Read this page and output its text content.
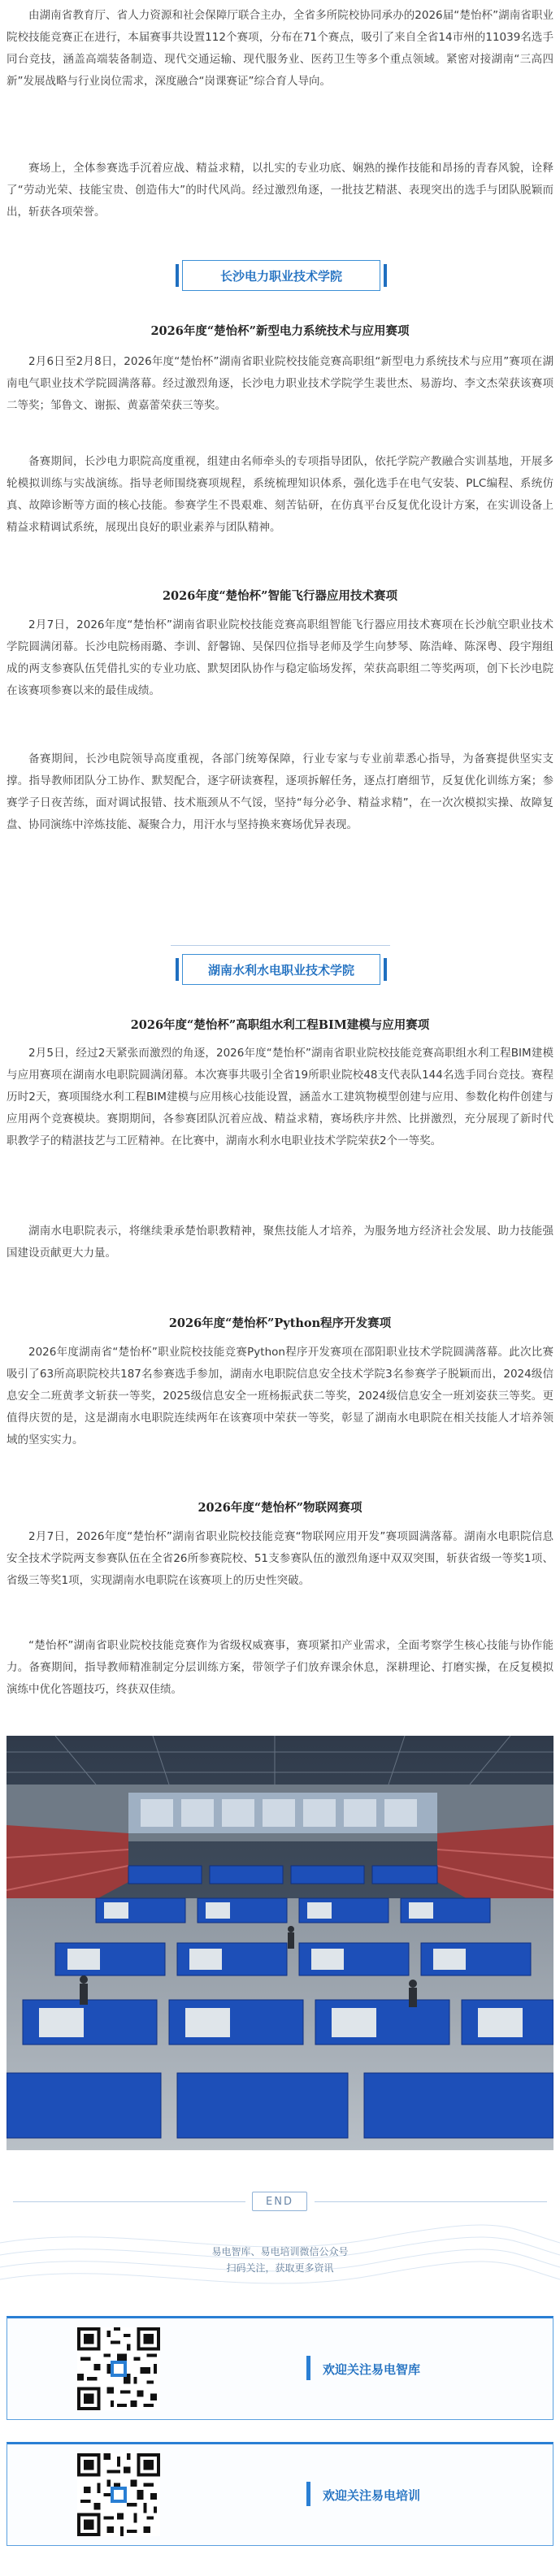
由湖南省教育厅、省人力资源和社会保障厅联合主办，全省多所院校协同承办的2026届“楚怡杯”湖南省职业院校技能竞赛正在进行，本届赛事共设置112个赛项，分布在71个赛点，吸引了来自全省14市州的11039名选手同台竞技，涵盖高端装备制造、现代交通运输、现代服务业、医药卫生等多个重点领域。紧密对接湖南“三高四新”发展战略与行业岗位需求，深度融合“岗课赛证”综合育人导向。

赛场上，全体参赛选手沉着应战、精益求精，以扎实的专业功底、娴熟的操作技能和昂扬的青春风貌，诠释了“劳动光荣、技能宝贵、创造伟大”的时代风尚。经过激烈角逐，一批技艺精湛、表现突出的选手与团队脱颖而出，斩获各项荣誉。

长沙电力职业技术学院
2026年度“楚怡杯”新型电力系统技术与应用赛项

2月6日至2月8日，2026年度“楚怡杯”湖南省职业院校技能竞赛高职组“新型电力系统技术与应用”赛项在湖南电气职业技术学院圆满落幕。经过激烈角逐，长沙电力职业技术学院学生裴世杰、易游均、李文杰荣获该赛项二等奖；邹鲁文、谢振、黄嘉蕾荣获三等奖。

备赛期间，长沙电力职院高度重视，组建由名师牵头的专项指导团队，依托学院产教融合实训基地，开展多轮模拟训练与实战演练。指导老师围绕赛项规程，系统梳理知识体系，强化选手在电气安装、PLC编程、系统仿真、故障诊断等方面的核心技能。参赛学生不畏艰难、刻苦钻研，在仿真平台反复优化设计方案，在实训设备上精益求精调试系统，展现出良好的职业素养与团队精神。

2026年度“楚怡杯”智能飞行器应用技术赛项

2月7日，2026年度“楚怡杯”湖南省职业院校技能竞赛高职组智能飞行器应用技术赛项在长沙航空职业技术学院圆满闭幕。长沙电院杨雨璐、李训、舒馨锦、吴保四位指导老师及学生向梦琴、陈浩峰、陈深粤、段宇翔组成的两支参赛队伍凭借扎实的专业功底、默契团队协作与稳定临场发挥，荣获高职组二等奖两项，创下长沙电院在该赛项参赛以来的最佳成绩。

备赛期间，长沙电院领导高度重视，各部门统筹保障，行业专家与专业前辈悉心指导，为备赛提供坚实支撑。指导教师团队分工协作、默契配合，逐字研读赛程，逐项拆解任务，逐点打磨细节，反复优化训练方案；参赛学子日夜苦练，面对调试报错、技术瓶颈从不气馁，坚持“每分必争、精益求精”，在一次次模拟实操、故障复盘、协同演练中淬炼技能、凝聚合力，用汗水与坚持换来赛场优异表现。

湖南水利水电职业技术学院
2026年度“楚怡杯”高职组水利工程BIM建模与应用赛项

2月5日，经过2天紧张而激烈的角逐，2026年度“楚怡杯”湖南省职业院校技能竞赛高职组水利工程BIM建模与应用赛项在湖南水电职院圆满闭幕。本次赛事共吸引全省19所职业院校48支代表队144名选手同台竞技。赛程历时2天，赛项围绕水利工程BIM建模与应用核心技能设置，涵盖水工建筑物模型创建与应用、参数化构件创建与应用两个竞赛模块。赛期期间，各参赛团队沉着应战、精益求精，赛场秩序井然、比拼激烈，充分展现了新时代职教学子的精湛技艺与工匠精神。在比赛中，湖南水利水电职业技术学院荣获2个一等奖。

湖南水电职院表示，将继续秉承楚怡职教精神，聚焦技能人才培养，为服务地方经济社会发展、助力技能强国建设贡献更大力量。

2026年度“楚怡杯”Python程序开发赛项

2026年度湖南省“楚怡杯”职业院校技能竞赛Python程序开发赛项在邵阳职业技术学院圆满落幕。此次比赛吸引了63所高职院校共187名参赛选手参加，湖南水电职院信息安全技术学院3名参赛学子脱颖而出，2024级信息安全二班黄孝文斩获一等奖，2025级信息安全一班杨振武获二等奖，2024级信息安全一班刘姿获三等奖。更值得庆贺的是，这是湖南水电职院连续两年在该赛项中荣获一等奖，彰显了湖南水电职院在相关技能人才培养领域的坚实实力。

2026年度“楚怡杯”物联网赛项

2月7日，2026年度“楚怡杯”湖南省职业院校技能竞赛“物联网应用开发”赛项圆满落幕。湖南水电职院信息安全技术学院两支参赛队伍在全省26所参赛院校、51支参赛队伍的激烈角逐中双双突围，斩获省级一等奖1项、省级三等奖1项，实现湖南水电职院在该赛项上的历史性突破。

“楚怡杯”湖南省职业院校技能竞赛作为省级权威赛事，赛项紧扣产业需求，全面考察学生核心技能与协作能力。备赛期间，指导教师精准制定分层训练方案，带领学子们放弃课余休息，深耕理论、打磨实操，在反复模拟演练中优化答题技巧，终获双佳绩。

END
易电智库、易电培训微信公众号
扫码关注，获取更多资讯
欢迎关注易电智库
欢迎关注易电培训
